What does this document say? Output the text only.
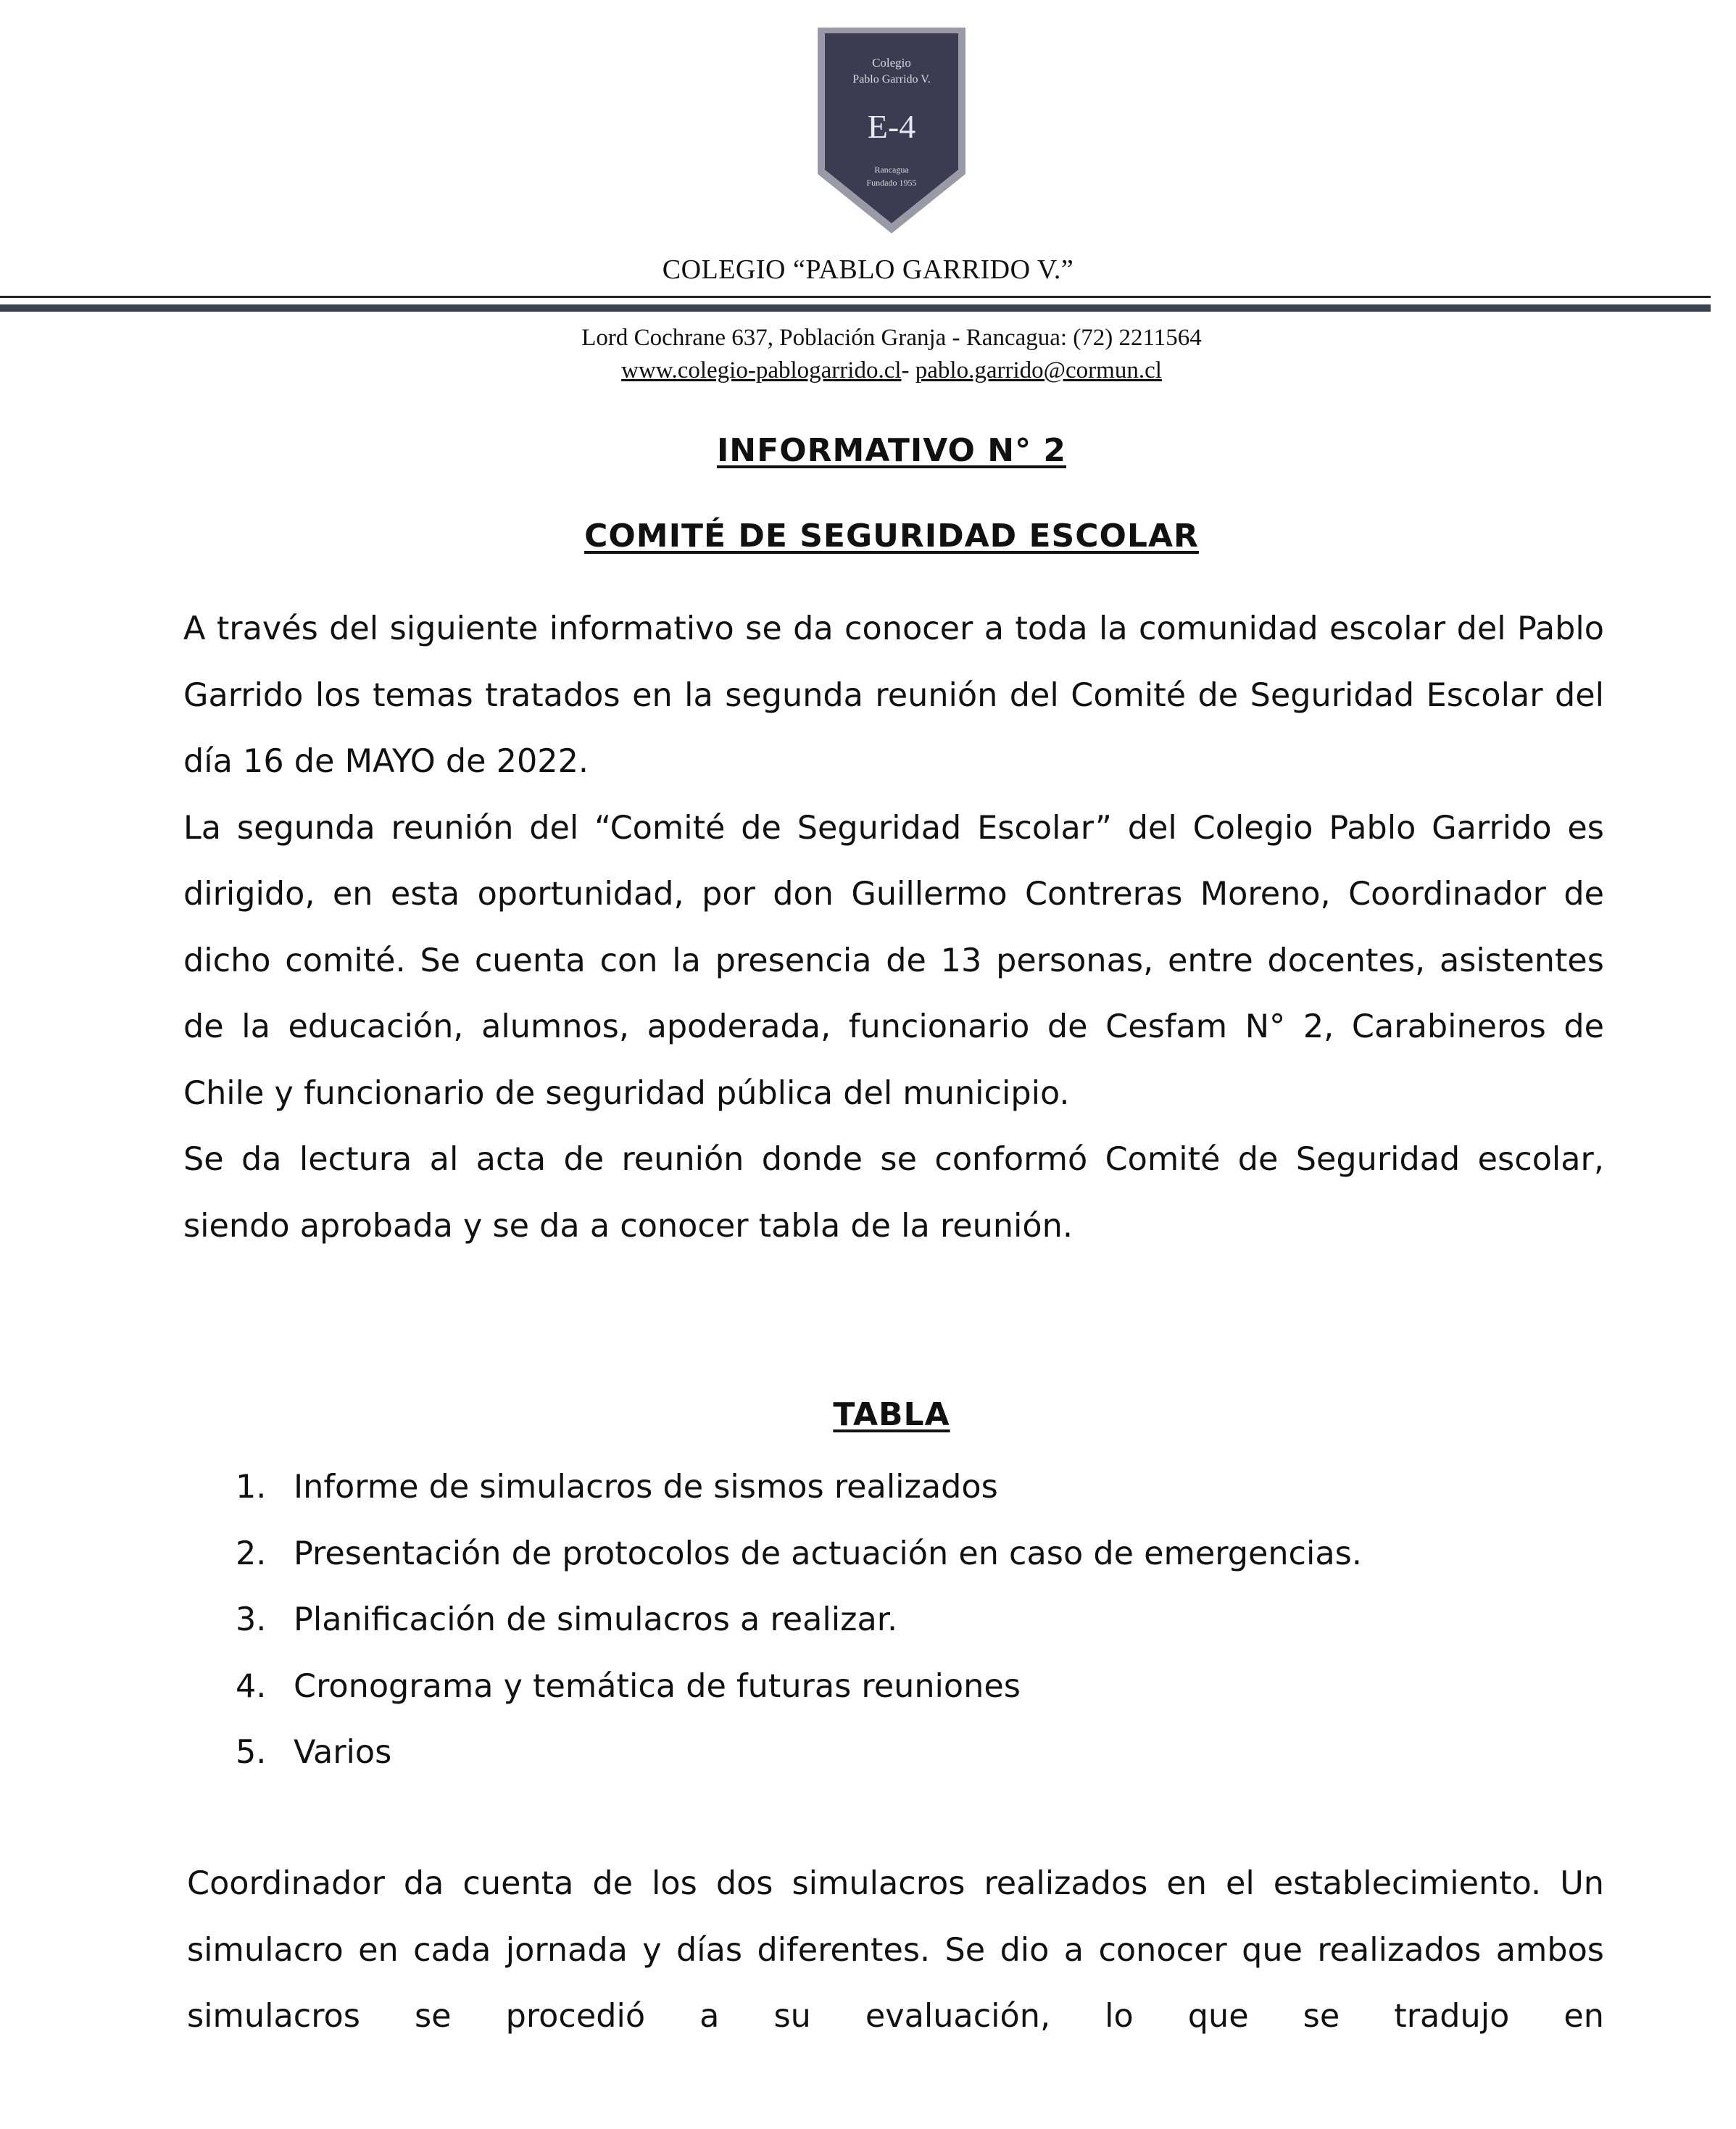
Colegio
Pablo Garrido V.
E-4
Rancagua
Fundado 1955
COLEGIO “PABLO GARRIDO V.”
Lord Cochrane 637, Población Granja - Rancagua: (72) 2211564
www.colegio-pablogarrido.cl- pablo.garrido@cormun.cl
INFORMATIVO N° 2
COMITÉ DE SEGURIDAD ESCOLAR

A través del siguiente informativo se da conocer a toda la comunidad escolar del Pablo Garrido los temas tratados en la segunda reunión del Comité de Seguridad Escolar del día 16 de MAYO de 2022.

La segunda reunión del “Comité de Seguridad Escolar” del Colegio Pablo Garrido es dirigido, en esta oportunidad, por don Guillermo Contreras Moreno, Coordinador de dicho comité. Se cuenta con la presencia de 13 personas, entre docentes, asistentes de la educación, alumnos, apoderada, funcionario de Cesfam N° 2, Carabineros de Chile y funcionario de seguridad pública del municipio.

Se da lectura al acta de reunión donde se conformó Comité de Seguridad escolar, siendo aprobada y se da a conocer tabla de la reunión.

TABLA
1. Informe de simulacros de sismos realizados
2. Presentación de protocolos de actuación en caso de emergencias.
3. Planificación de simulacros a realizar.
4. Cronograma y temática de futuras reuniones
5. Varios

Coordinador da cuenta de los dos simulacros realizados en el establecimiento. Un simulacro en cada jornada y días diferentes. Se dio a conocer que realizados ambos simulacros se procedió a su evaluación, lo que se tradujo en
